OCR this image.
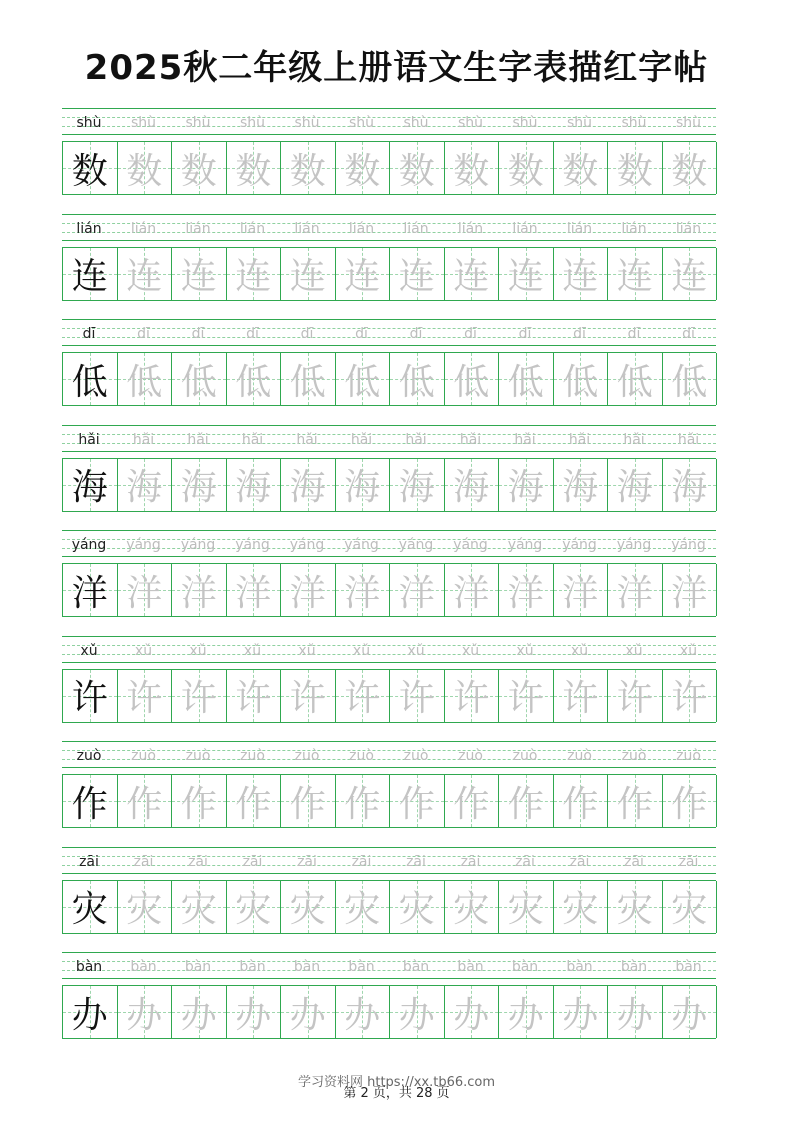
2025秋二年级上册语文生字表描红字帖
shù	shù	shù	shù	shù	shù	shù	shù	shù	shù	shù	shù
数 数 数 数 数 数 数 数 数 数 数 数
lián	lián	lián	lián	lián	lián	lián	lián	lián	lián	lián	lián
连 连 连 连 连 连 连 连 连 连 连 连
dī	dī	dī	dī	dī	dī	dī	dī	dī	dī	dī	dī
低 低 低 低 低 低 低 低 低 低 低 低
hǎi	hǎi	hǎi	hǎi	hǎi	hǎi	hǎi	hǎi	hǎi	hǎi	hǎi	hǎi
海 海 海 海 海 海 海 海 海 海 海 海
yáng	yáng	yáng	yáng	yáng	yáng	yáng	yáng	yáng	yáng	yáng	yáng
洋 洋 洋 洋 洋 洋 洋 洋 洋 洋 洋 洋
xǔ	xǔ	xǔ	xǔ	xǔ	xǔ	xǔ	xǔ	xǔ	xǔ	xǔ	xǔ
许 许 许 许 许 许 许 许 许 许 许 许
zuò	zuò	zuò	zuò	zuò	zuò	zuò	zuò	zuò	zuò	zuò	zuò
作 作 作 作 作 作 作 作 作 作 作 作
zāi	zāi	zāi	zāi	zāi	zāi	zāi	zāi	zāi	zāi	zāi	zāi
灾 灾 灾 灾 灾 灾 灾 灾 灾 灾 灾 灾
bàn	bàn	bàn	bàn	bàn	bàn	bàn	bàn	bàn	bàn	bàn	bàn
办 办 办 办 办 办 办 办 办 办 办 办
学习资料网 https://xx.tb66.com
第 2 页，共 28 页
